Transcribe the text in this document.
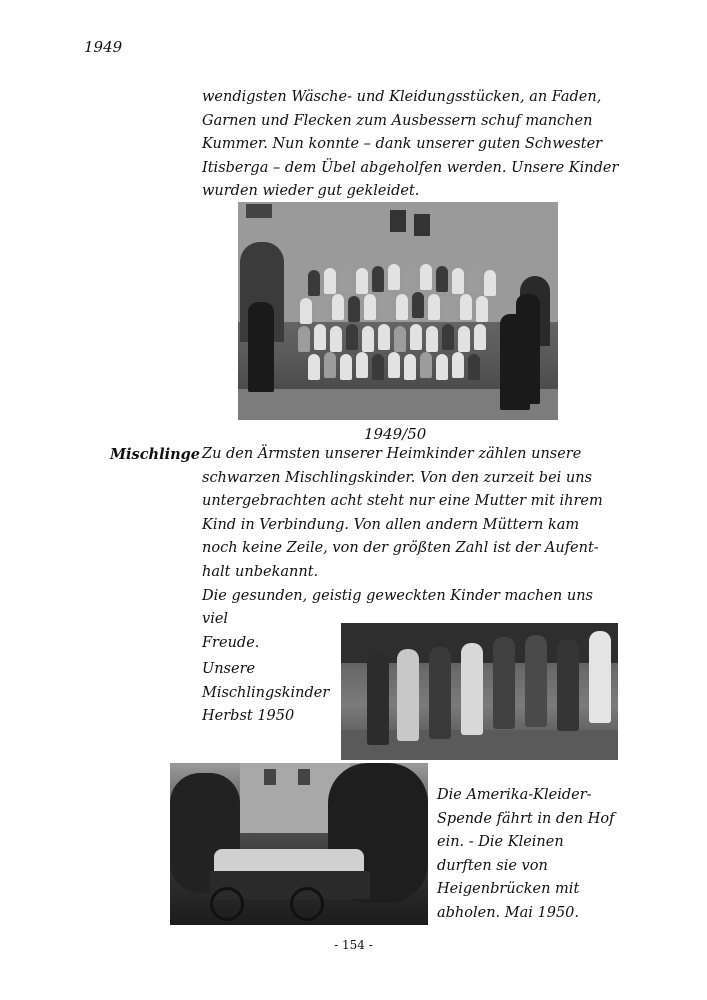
1949
wendigsten Wäsche- und Kleidungsstücken, an Faden,
Garnen und Flecken zum Ausbessern schuf manchen
Kummer. Nun konnte – dank unserer guten Schwester
Itisberga – dem Übel abgeholfen werden. Unsere Kinder
wurden wieder gut gekleidet.
1949/50
Mischlinge Zu den Ärmsten unserer Heimkinder zählen unsere
schwarzen Mischlingskinder. Von den zurzeit bei uns
untergebrachten acht steht nur eine Mutter mit ihrem
Kind in Verbindung. Von allen andern Müttern kam
noch keine Zeile, von der größten Zahl ist der Aufent-
halt unbekannt.
Die gesunden, geistig geweckten Kinder machen uns viel
Freude.
Unsere
Mischlingskinder
Herbst 1950
Die Amerika-Kleider-
Spende fährt in den Hof
ein. - Die Kleinen
durften sie von
Heigenbrücken mit
abholen. Mai 1950.
- 154 -
